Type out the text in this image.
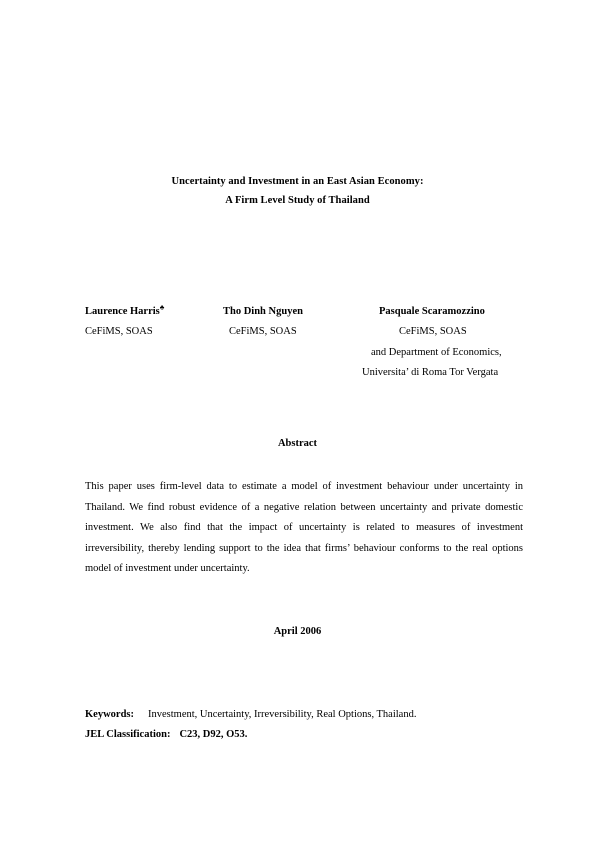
Uncertainty and Investment in an East Asian Economy:
A Firm Level Study of Thailand
Laurence Harris♣
CeFiMS, SOAS
Tho Dinh Nguyen
CeFiMS, SOAS
Pasquale Scaramozzino
CeFiMS, SOAS
and Department of Economics,
Universita’ di Roma Tor Vergata
Abstract
This paper uses firm-level data to estimate a model of investment behaviour under uncertainty in Thailand. We find robust evidence of a negative relation between uncertainty and private domestic investment. We also find that the impact of uncertainty is related to measures of investment irreversibility, thereby lending support to the idea that firms’ behaviour conforms to the real options model of investment under uncertainty.
April 2006
Keywords: Investment, Uncertainty, Irreversibility, Real Options, Thailand.
JEL Classification: C23, D92, O53.
